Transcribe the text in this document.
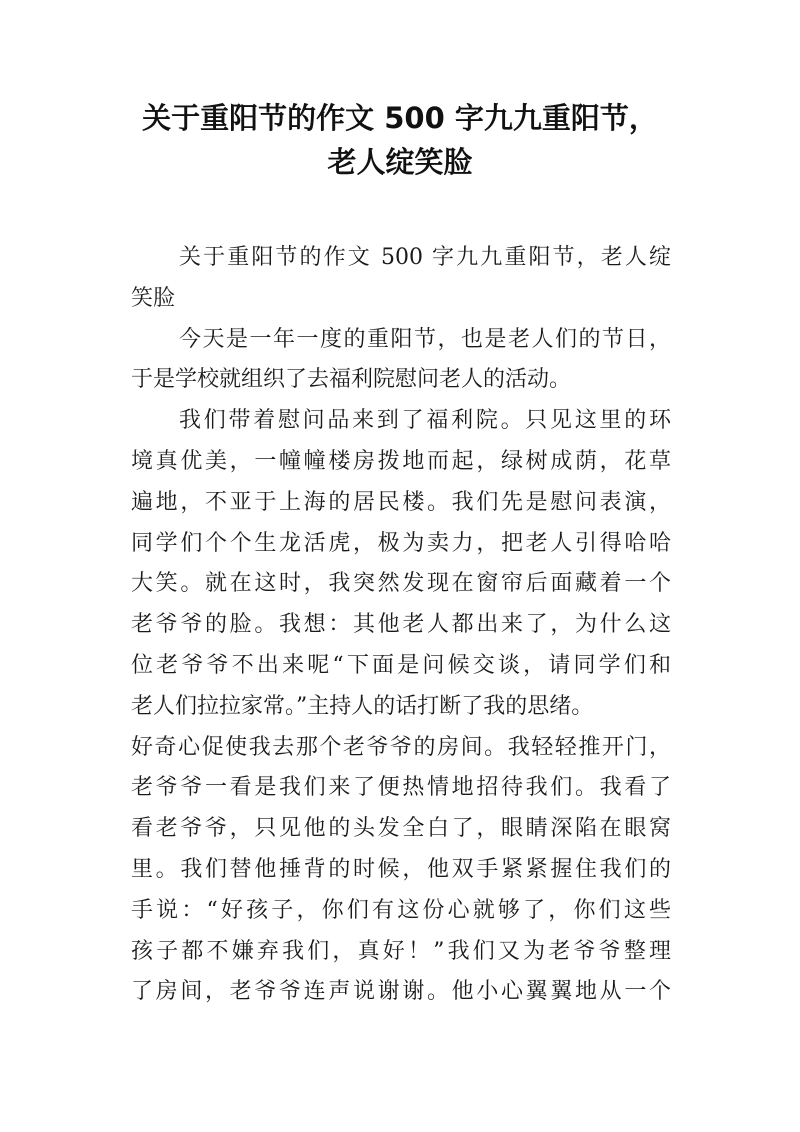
关于重阳节的作文 500 字九九重阳节，
老人绽笑脸
关于重阳节的作文 500 字九九重阳节，老人绽
笑脸
今天是一年一度的重阳节，也是老人们的节日，
于是学校就组织了去福利院慰问老人的活动。
我们带着慰问品来到了福利院。只见这里的环
境真优美，一幢幢楼房拨地而起，绿树成荫，花草
遍地，不亚于上海的居民楼。我们先是慰问表演，
同学们个个生龙活虎，极为卖力，把老人引得哈哈
大笑。就在这时，我突然发现在窗帘后面藏着一个
老爷爷的脸。我想：其他老人都出来了，为什么这
位老爷爷不出来呢“下面是问候交谈，请同学们和
老人们拉拉家常。”主持人的话打断了我的思绪。
好奇心促使我去那个老爷爷的房间。我轻轻推开门，
老爷爷一看是我们来了便热情地招待我们。我看了
看老爷爷，只见他的头发全白了，眼睛深陷在眼窝
里。我们替他捶背的时候，他双手紧紧握住我们的
手说：“好孩子，你们有这份心就够了，你们这些
孩子都不嫌弃我们，真好！”我们又为老爷爷整理
了房间，老爷爷连声说谢谢。他小心翼翼地从一个
